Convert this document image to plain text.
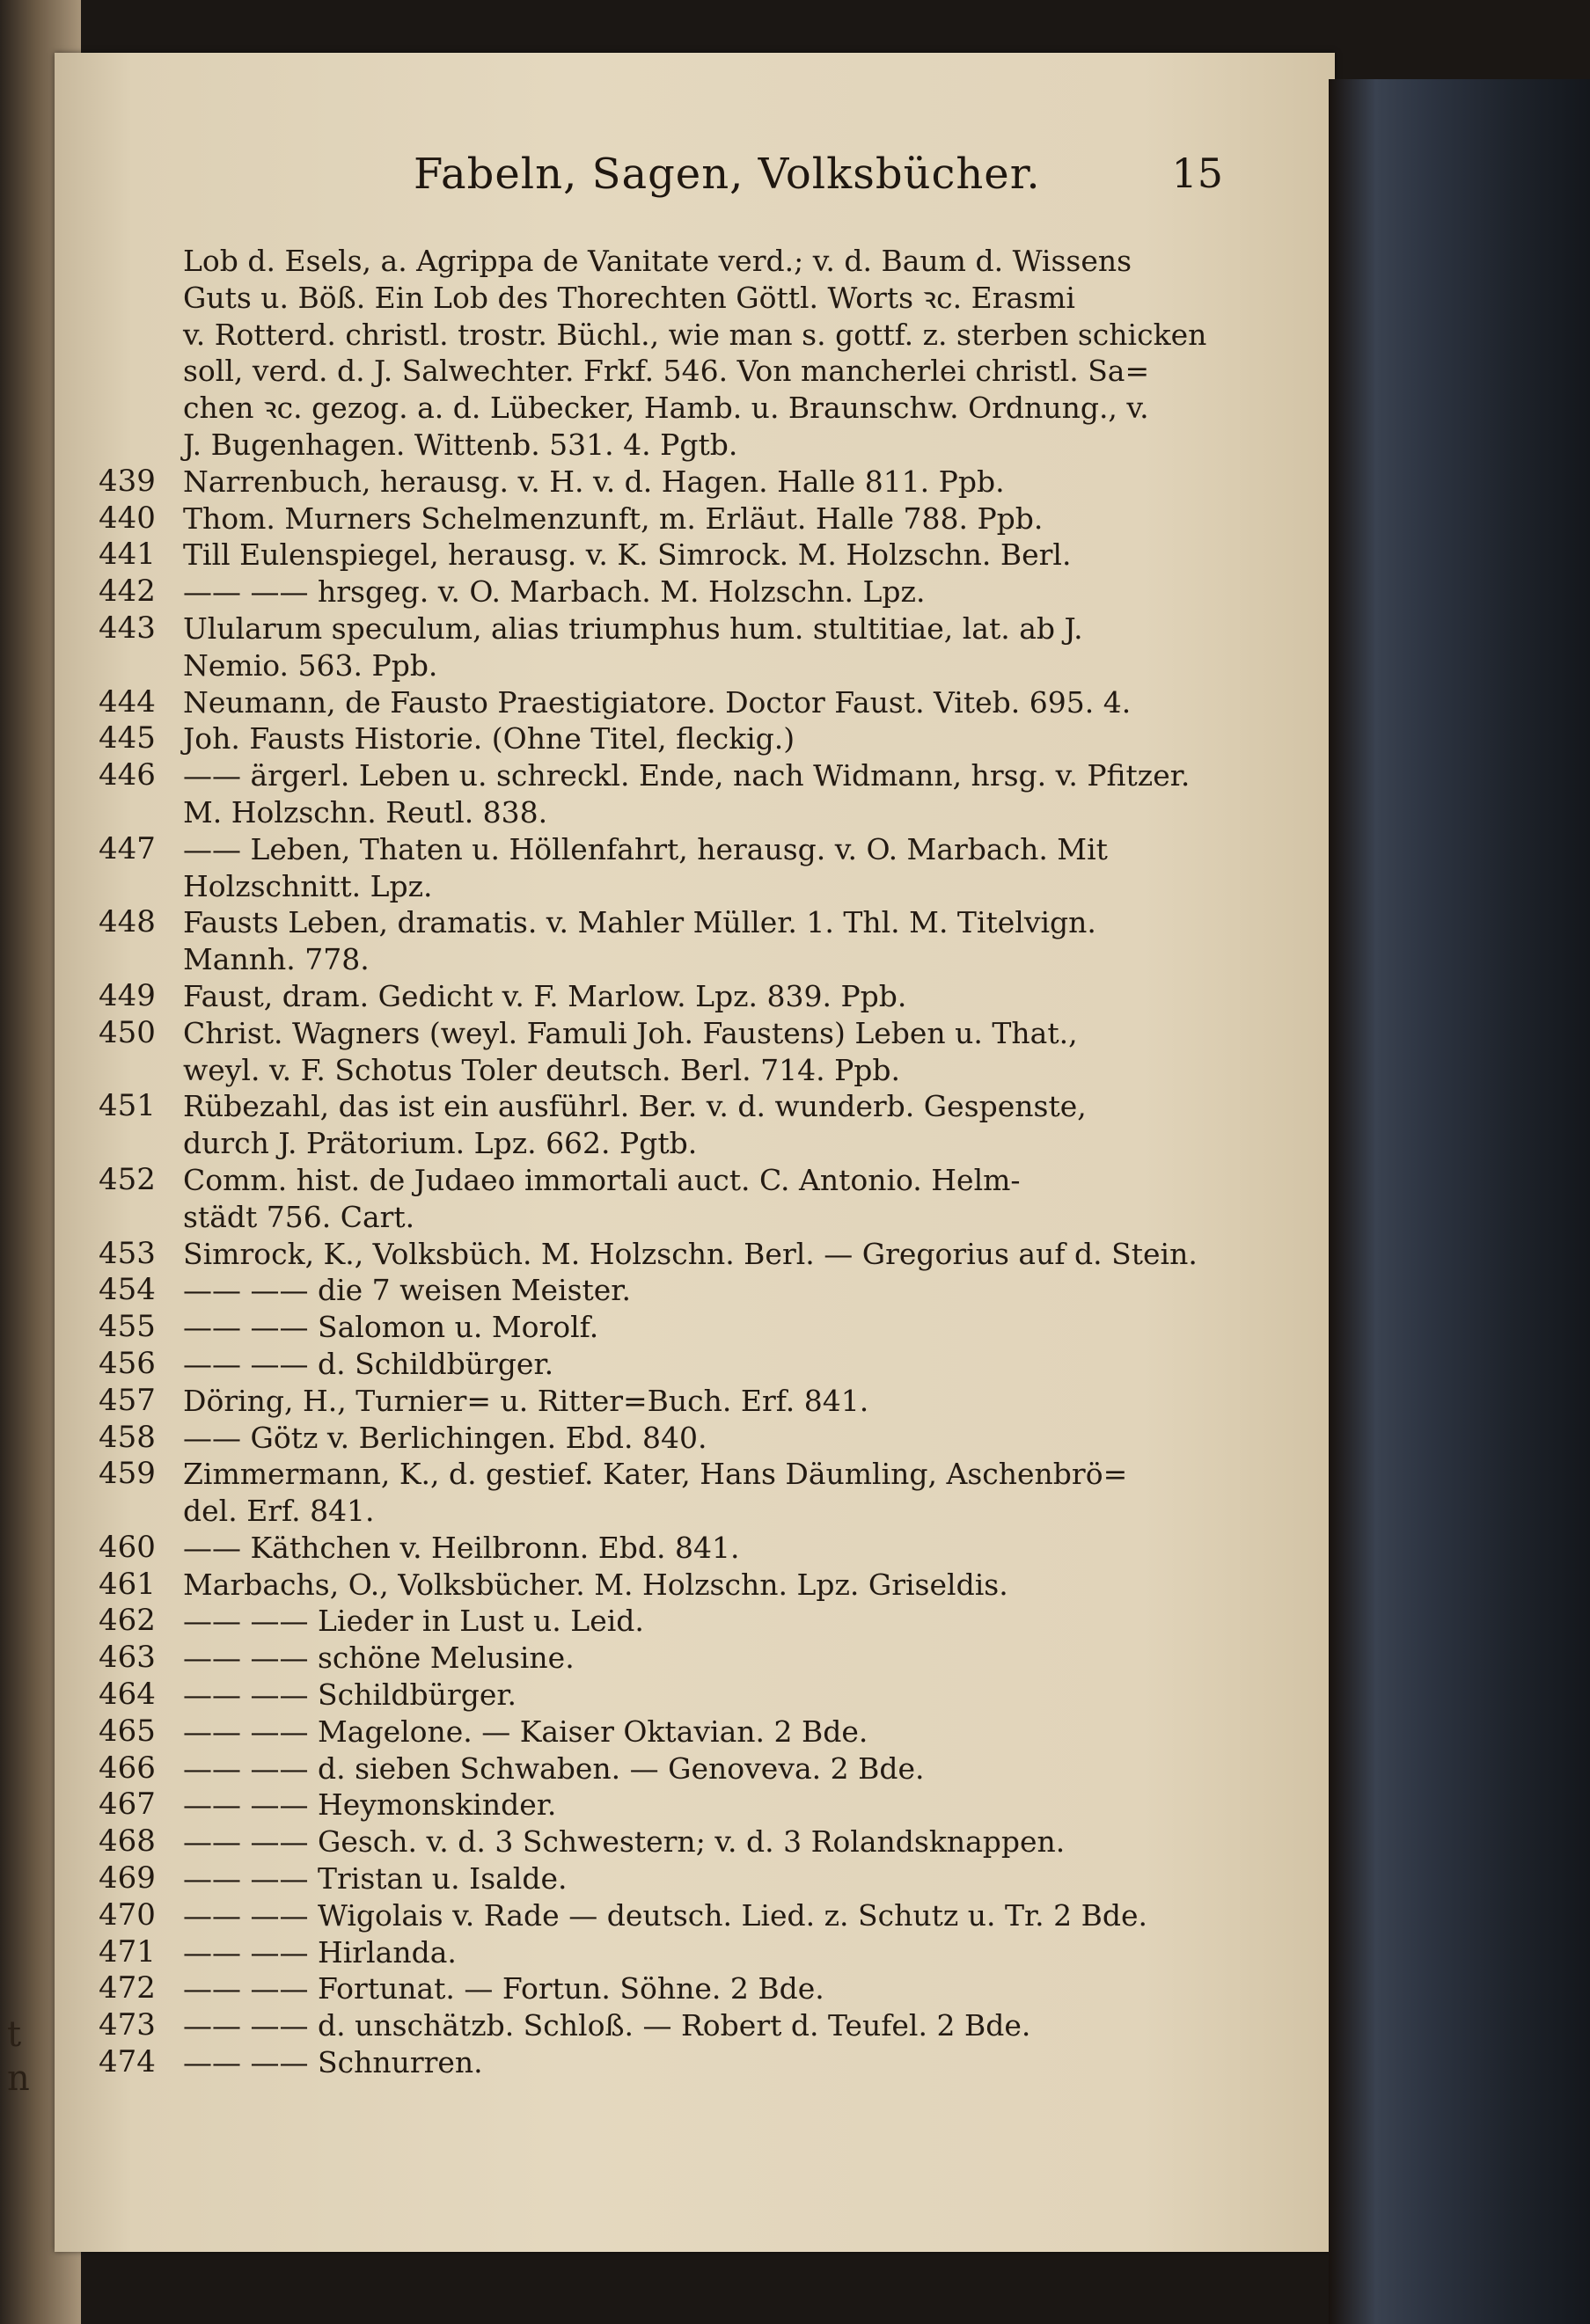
t
n
Fabeln, Sagen, Volksbücher.	15
Lob d. Esels, a. Agrippa de Vanitate verd.; v. d. Baum d. Wissens
Guts u. Böß. Ein Lob des Thorechten Göttl. Worts ꝛc. Erasmi
v. Rotterd. christl. trostr. Büchl., wie man s. gottf. z. sterben schicken
soll, verd. d. J. Salwechter. Frkf. 546. Von mancherlei christl. Sa=
chen ꝛc. gezog. a. d. Lübecker, Hamb. u. Braunschw. Ordnung., v.
J. Bugenhagen. Wittenb. 531. 4. Pgtb.
439 Narrenbuch, herausg. v. H. v. d. Hagen. Halle 811. Ppb.
440 Thom. Murners Schelmenzunft, m. Erläut. Halle 788. Ppb.
441 Till Eulenspiegel, herausg. v. K. Simrock. M. Holzschn. Berl.
442 —— —— hrsgeg. v. O. Marbach. M. Holzschn. Lpz.
443 Ulularum speculum, alias triumphus hum. stultitiae, lat. ab J.
Nemio. 563. Ppb.
444 Neumann, de Fausto Praestigiatore. Doctor Faust. Viteb. 695. 4.
445 Joh. Fausts Historie. (Ohne Titel, fleckig.)
446 —— ärgerl. Leben u. schreckl. Ende, nach Widmann, hrsg. v. Pfitzer.
M. Holzschn. Reutl. 838.
447 —— Leben, Thaten u. Höllenfahrt, herausg. v. O. Marbach. Mit
Holzschnitt. Lpz.
448 Fausts Leben, dramatis. v. Mahler Müller. 1. Thl. M. Titelvign.
Mannh. 778.
449 Faust, dram. Gedicht v. F. Marlow. Lpz. 839. Ppb.
450 Christ. Wagners (weyl. Famuli Joh. Faustens) Leben u. That.,
weyl. v. F. Schotus Toler deutsch. Berl. 714. Ppb.
451 Rübezahl, das ist ein ausführl. Ber. v. d. wunderb. Gespenste,
durch J. Prätorium. Lpz. 662. Pgtb.
452 Comm. hist. de Judaeo immortali auct. C. Antonio. Helm-
städt 756. Cart.
453 Simrock, K., Volksbüch. M. Holzschn. Berl. — Gregorius auf d. Stein.
454 —— —— die 7 weisen Meister.
455 —— —— Salomon u. Morolf.
456 —— —— d. Schildbürger.
457 Döring, H., Turnier= u. Ritter=Buch. Erf. 841.
458 —— Götz v. Berlichingen. Ebd. 840.
459 Zimmermann, K., d. gestief. Kater, Hans Däumling, Aschenbrö=
del. Erf. 841.
460 —— Käthchen v. Heilbronn. Ebd. 841.
461 Marbachs, O., Volksbücher. M. Holzschn. Lpz. Griseldis.
462 —— —— Lieder in Lust u. Leid.
463 —— —— schöne Melusine.
464 —— —— Schildbürger.
465 —— —— Magelone. — Kaiser Oktavian. 2 Bde.
466 —— —— d. sieben Schwaben. — Genoveva. 2 Bde.
467 —— —— Heymonskinder.
468 —— —— Gesch. v. d. 3 Schwestern; v. d. 3 Rolandsknappen.
469 —— —— Tristan u. Isalde.
470 —— —— Wigolais v. Rade — deutsch. Lied. z. Schutz u. Tr. 2 Bde.
471 —— —— Hirlanda.
472 —— —— Fortunat. — Fortun. Söhne. 2 Bde.
473 —— —— d. unschätzb. Schloß. — Robert d. Teufel. 2 Bde.
474 —— —— Schnurren.
